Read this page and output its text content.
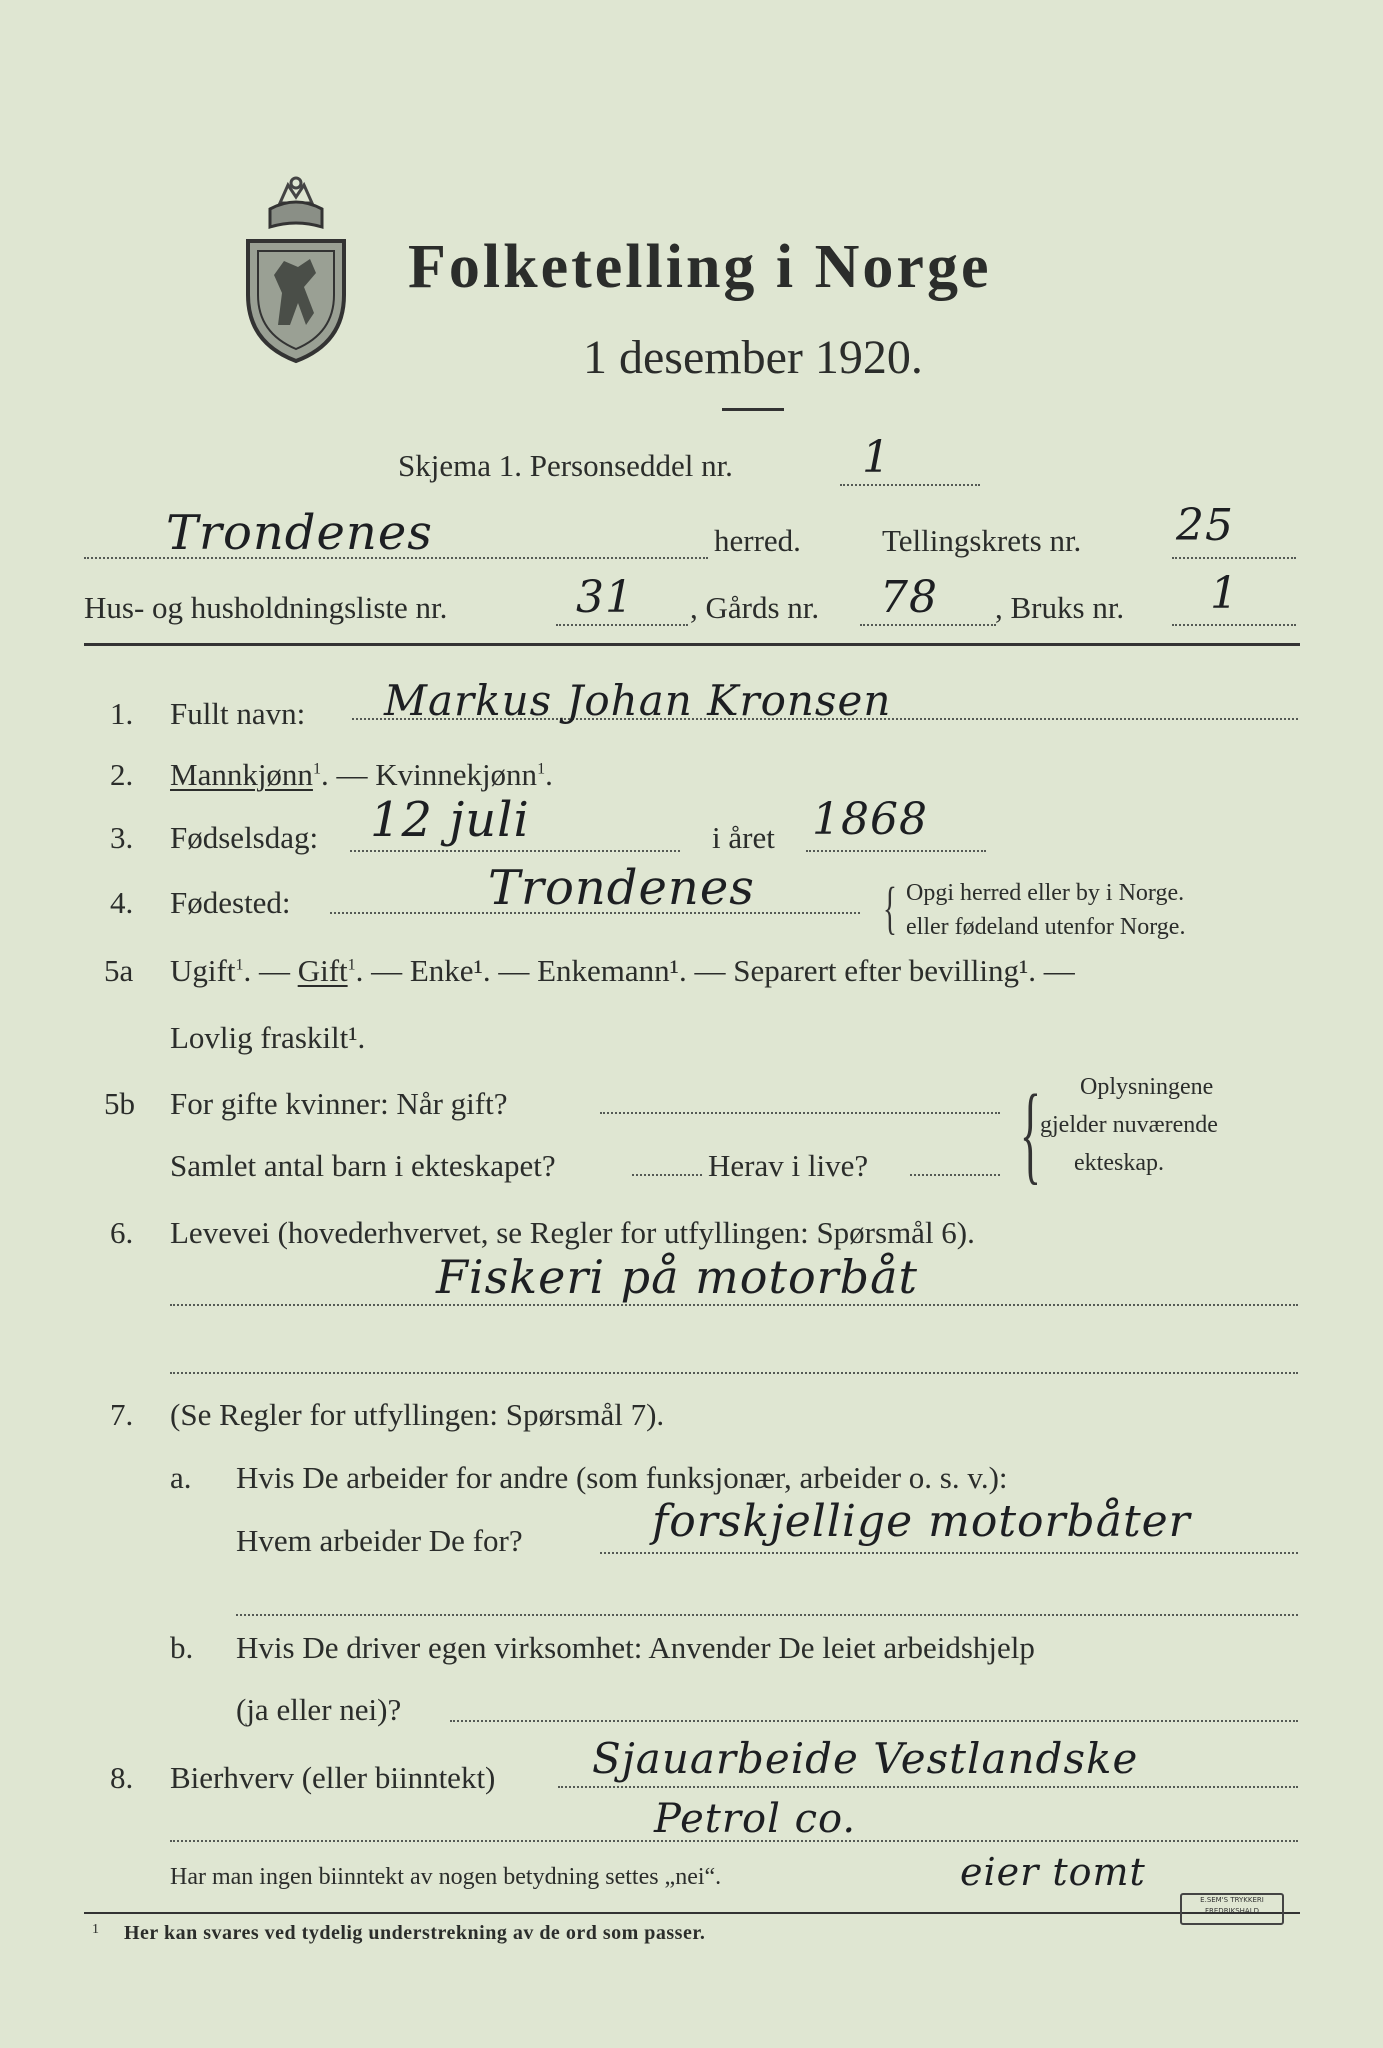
Folketelling i Norge
1 desember 1920.
Skjema 1. Personseddel nr.	1
Trondenes	herred.	Tellingskrets nr. 25
Hus- og husholdningsliste nr.	31 , Gårds nr. 78 , Bruks nr. 1
1. Fullt navn: Markus Johan Kronsen
2. Mannkjønn$^1$. — Kvinnekjønn$^1$.
3. Fødselsdag: 12 juli	i året 1868
4. Fødested:	Trondenes { Opgi herred eller by i Norge.
eller fødeland utenfor Norge.
5a Ugift$^1$. — Gift$^1$. — Enke¹. — Enkemann¹. — Separert efter bevilling¹. —
Lovlig fraskilt¹.
5b For gifte kvinner: Når gift?
Samlet antal barn i ekteskapet?	Herav i live? { Oplysningene
gjelder nuværende
ekteskap.
6. Levevei (hovederhvervet, se Regler for utfyllingen: Spørsmål 6).
Fiskeri på motorbåt
7. (Se Regler for utfyllingen: Spørsmål 7).
a. Hvis De arbeider for andre (som funksjonær, arbeider o. s. v.):
Hvem arbeider De for?	forskjellige motorbåter
b. Hvis De driver egen virksomhet: Anvender De leiet arbeidshjelp
(ja eller nei)?
8. Bierhverv (eller biinntekt) Sjauarbeide Vestlandske
Petrol co.
Har man ingen biinntekt av nogen betydning settes „nei“.	eier tomt
1 Her kan svares ved tydelig understrekning av de ord som passer.
E.SEM'S TRYKKERI
FREDRIKSHALD
